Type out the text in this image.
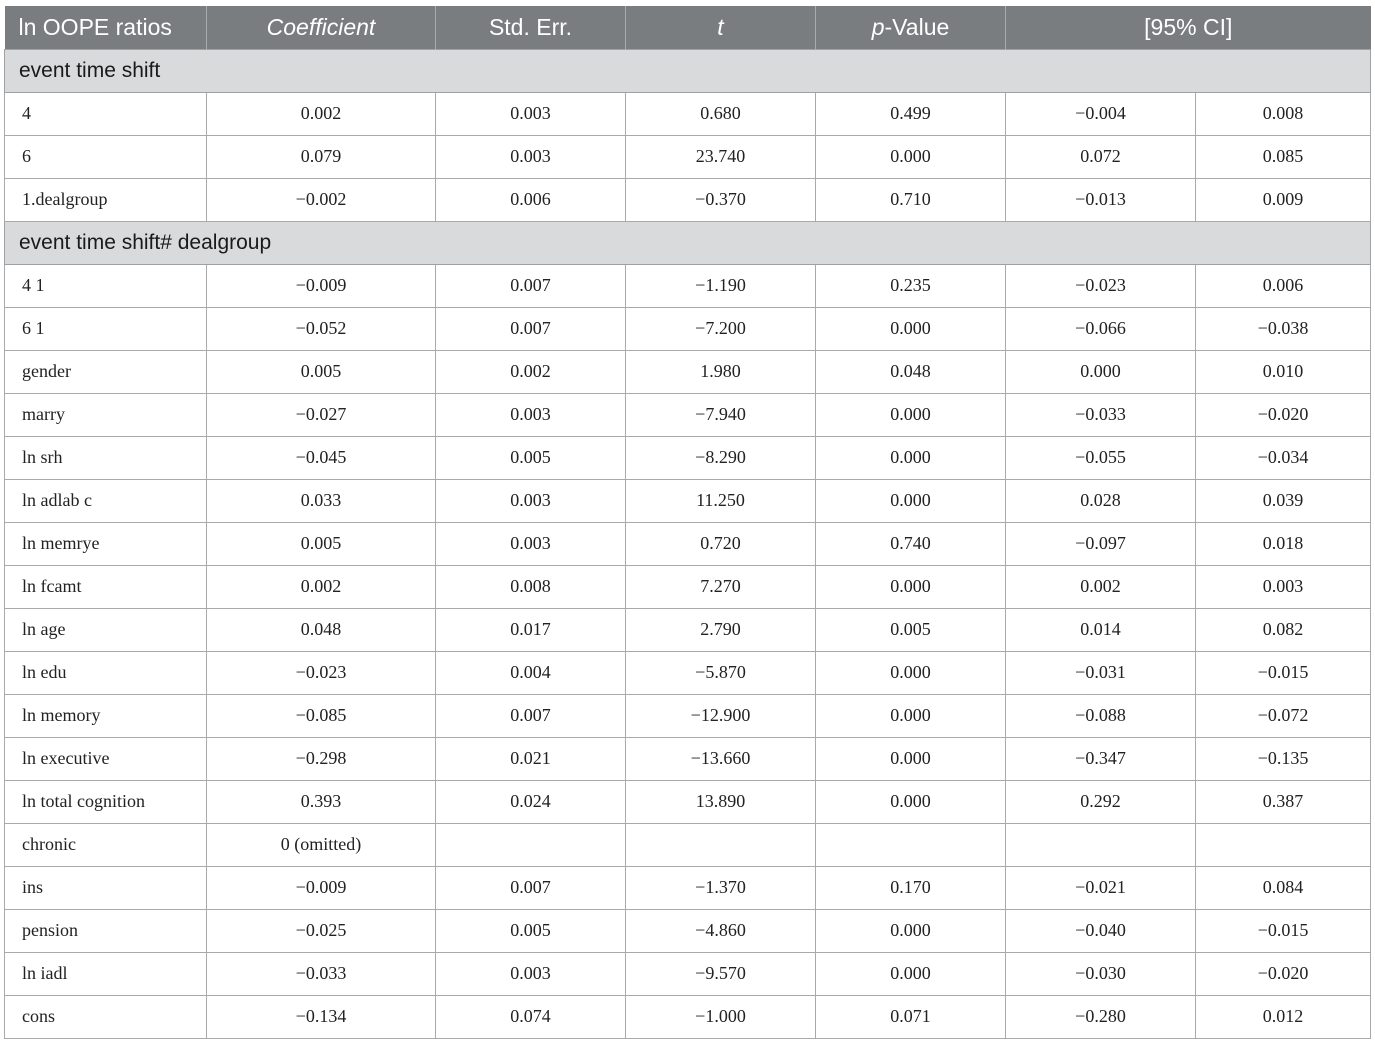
ln OOPE ratios	Coefficient	Std. Err.	t	p-Value	[95% CI]	
event time shift						
4	0.002	0.003	0.680	0.499	−0.004	0.008
6	0.079	0.003	23.740	0.000	0.072	0.085
1.dealgroup	−0.002	0.006	−0.370	0.710	−0.013	0.009
event time shift# dealgroup						
4 1	−0.009	0.007	−1.190	0.235	−0.023	0.006
6 1	−0.052	0.007	−7.200	0.000	−0.066	−0.038
gender	0.005	0.002	1.980	0.048	0.000	0.010
marry	−0.027	0.003	−7.940	0.000	−0.033	−0.020
ln srh	−0.045	0.005	−8.290	0.000	−0.055	−0.034
ln adlab c	0.033	0.003	11.250	0.000	0.028	0.039
ln memrye	0.005	0.003	0.720	0.740	−0.097	0.018
ln fcamt	0.002	0.008	7.270	0.000	0.002	0.003
ln age	0.048	0.017	2.790	0.005	0.014	0.082
ln edu	−0.023	0.004	−5.870	0.000	−0.031	−0.015
ln memory	−0.085	0.007	−12.900	0.000	−0.088	−0.072
ln executive	−0.298	0.021	−13.660	0.000	−0.347	−0.135
ln total cognition	0.393	0.024	13.890	0.000	0.292	0.387
chronic	0 (omitted)					
ins	−0.009	0.007	−1.370	0.170	−0.021	0.084
pension	−0.025	0.005	−4.860	0.000	−0.040	−0.015
ln iadl	−0.033	0.003	−9.570	0.000	−0.030	−0.020
cons	−0.134	0.074	−1.000	0.071	−0.280	0.012
